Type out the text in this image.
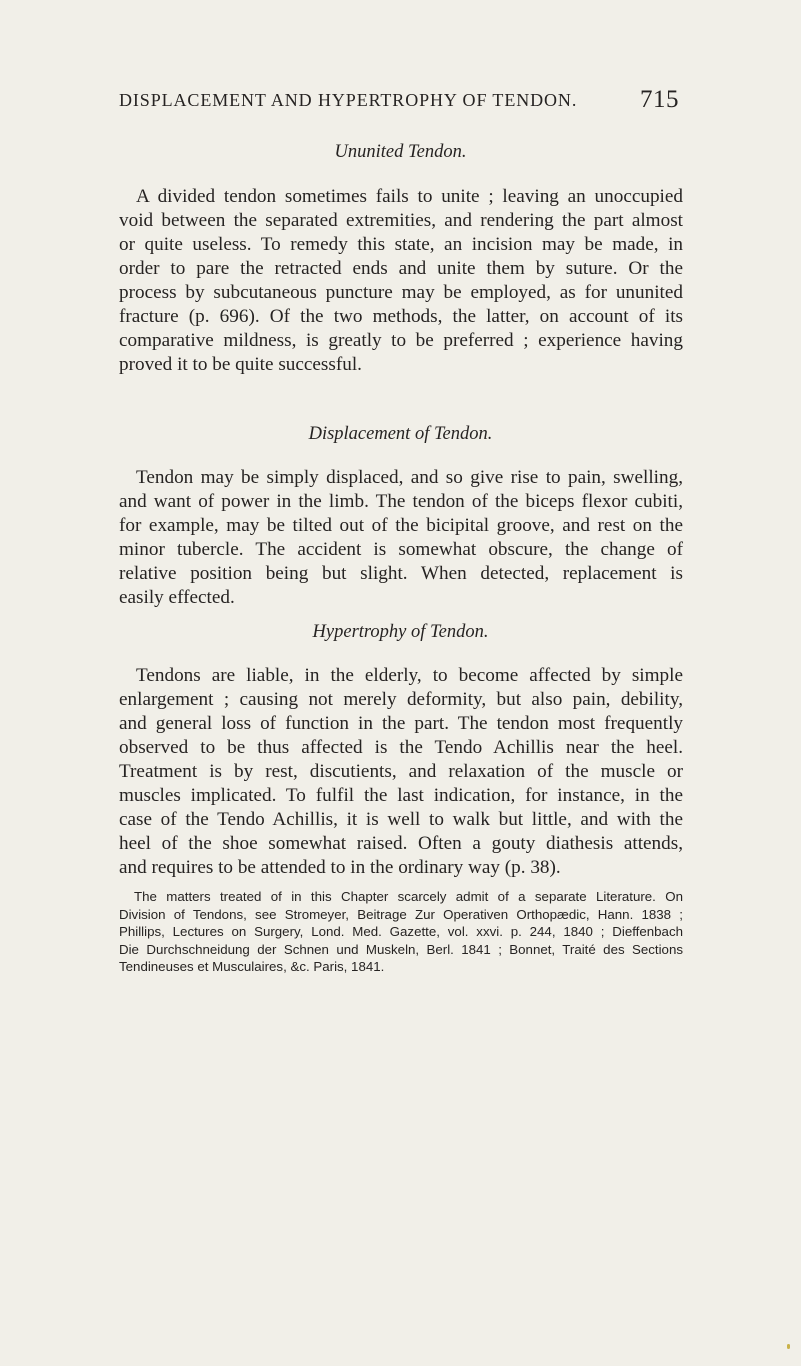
DISPLACEMENT AND HYPERTROPHY OF TENDON.	715
Ununited Tendon.
A divided tendon sometimes fails to unite ; leaving an unoccupied
void between the separated extremities, and rendering the part almost
or quite useless. To remedy this state, an incision may be made, in
order to pare the retracted ends and unite them by suture. Or the
process by subcutaneous puncture may be employed, as for ununited
fracture (p. 696). Of the two methods, the latter, on account of its
comparative mildness, is greatly to be preferred ; experience having
proved it to be quite successful.
Displacement of Tendon.
Tendon may be simply displaced, and so give rise to pain, swelling,
and want of power in the limb. The tendon of the biceps flexor cubiti,
for example, may be tilted out of the bicipital groove, and rest on the
minor tubercle. The accident is somewhat obscure, the change of
relative position being but slight. When detected, replacement is
easily effected.
Hypertrophy of Tendon.
Tendons are liable, in the elderly, to become affected by simple
enlargement ; causing not merely deformity, but also pain, debility,
and general loss of function in the part. The tendon most frequently
observed to be thus affected is the Tendo Achillis near the heel.
Treatment is by rest, discutients, and relaxation of the muscle or
muscles implicated. To fulfil the last indication, for instance, in the
case of the Tendo Achillis, it is well to walk but little, and with the
heel of the shoe somewhat raised. Often a gouty diathesis attends,
and requires to be attended to in the ordinary way (p. 38).
The matters treated of in this Chapter scarcely admit of a separate Literature. On
Division of Tendons, see Stromeyer, Beitrage Zur Operativen Orthopædic, Hann. 1838 ;
Phillips, Lectures on Surgery, Lond. Med. Gazette, vol. xxvi. p. 244, 1840 ; Dieffenbach
Die Durchschneidung der Schnen und Muskeln, Berl. 1841 ; Bonnet, Traité des Sections
Tendineuses et Musculaires, &c. Paris, 1841.
